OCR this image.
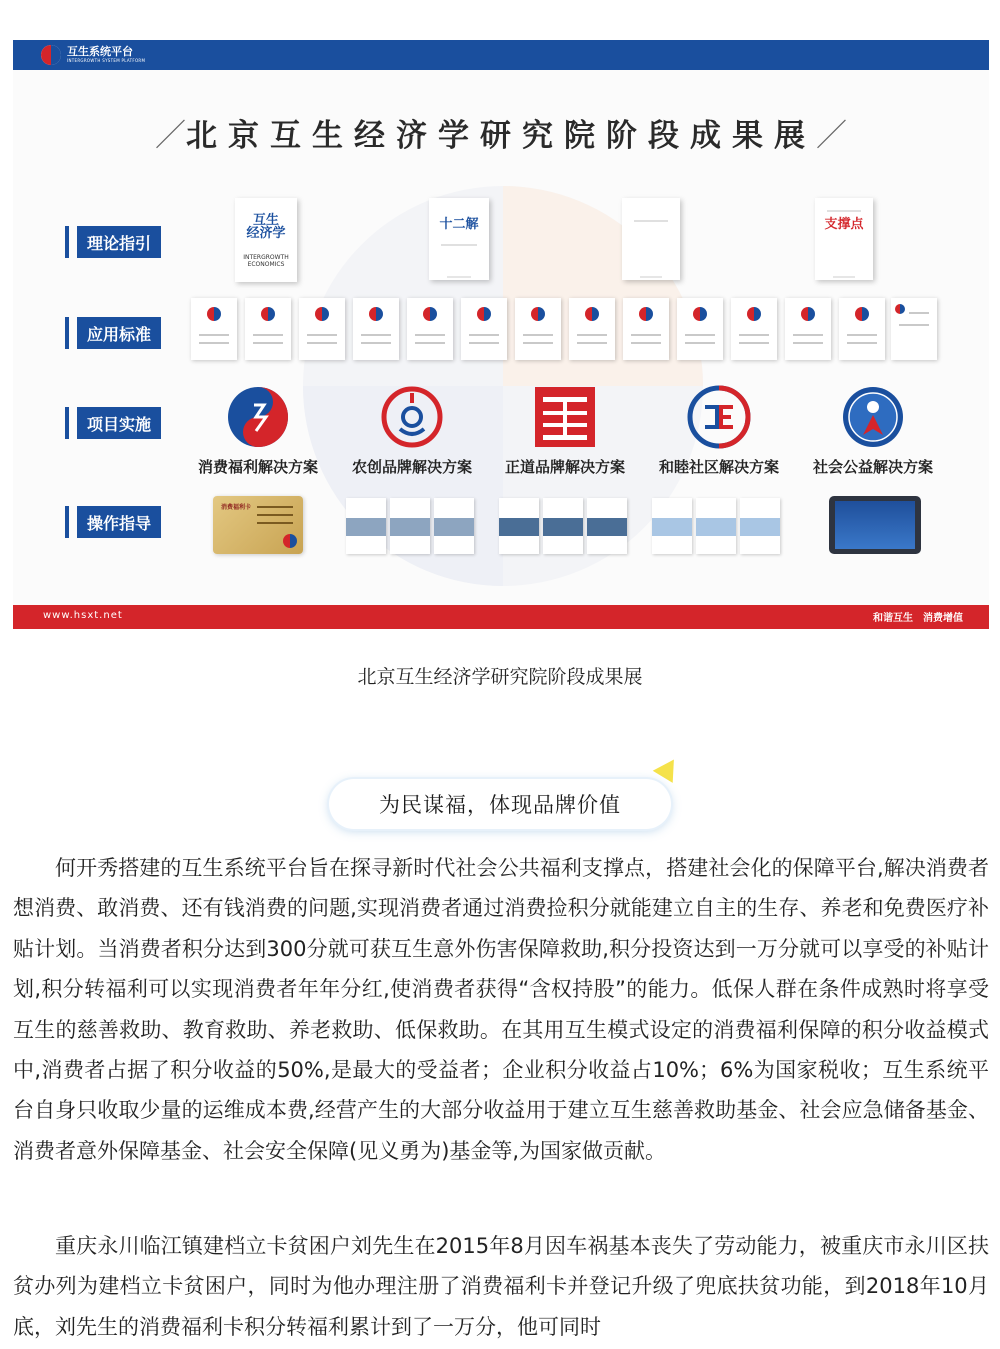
互生系统平台
INTERGROWTH SYSTEM PLATFORM
／北京互生经济学研究院阶段成果展／
理论指引
应用标准
项目实施
操作指导
互生
经济学
INTERGROWTH
ECONOMICS
十二解	支撑点
消费福利解决方案	农创品牌解决方案	正道品牌解决方案	和睦社区解决方案	社会公益解决方案
消费福利卡
www.hsxt.net	和谐互生 消费增值
北京互生经济学研究院阶段成果展
为民谋福，体现品牌价值

何开秀搭建的互生系统平台旨在探寻新时代社会公共福利支撑点，搭建社会化的保障平台,解决消费者想消费、敢消费、还有钱消费的问题,实现消费者通过消费捡积分就能建立自主的生存、养老和免费医疗补贴计划。当消费者积分达到300分就可获互生意外伤害保障救助,积分投资达到一万分就可以享受的补贴计划,积分转福利可以实现消费者年年分红,使消费者获得“含权持股”的能力。低保人群在条件成熟时将享受互生的慈善救助、教育救助、养老救助、低保救助。在其用互生模式设定的消费福利保障的积分收益模式中,消费者占据了积分收益的50%,是最大的受益者；企业积分收益占10%；6%为国家税收；互生系统平台自身只收取少量的运维成本费,经营产生的大部分收益用于建立互生慈善救助基金、社会应急储备基金、消费者意外保障基金、社会安全保障(见义勇为)基金等,为国家做贡献。

重庆永川临江镇建档立卡贫困户刘先生在2015年8月因车祸基本丧失了劳动能力，被重庆市永川区扶贫办列为建档立卡贫困户，同时为他办理注册了消费福利卡并登记升级了兜底扶贫功能，到2018年10月底，刘先生的消费福利卡积分转福利累计到了一万分，他可同时
